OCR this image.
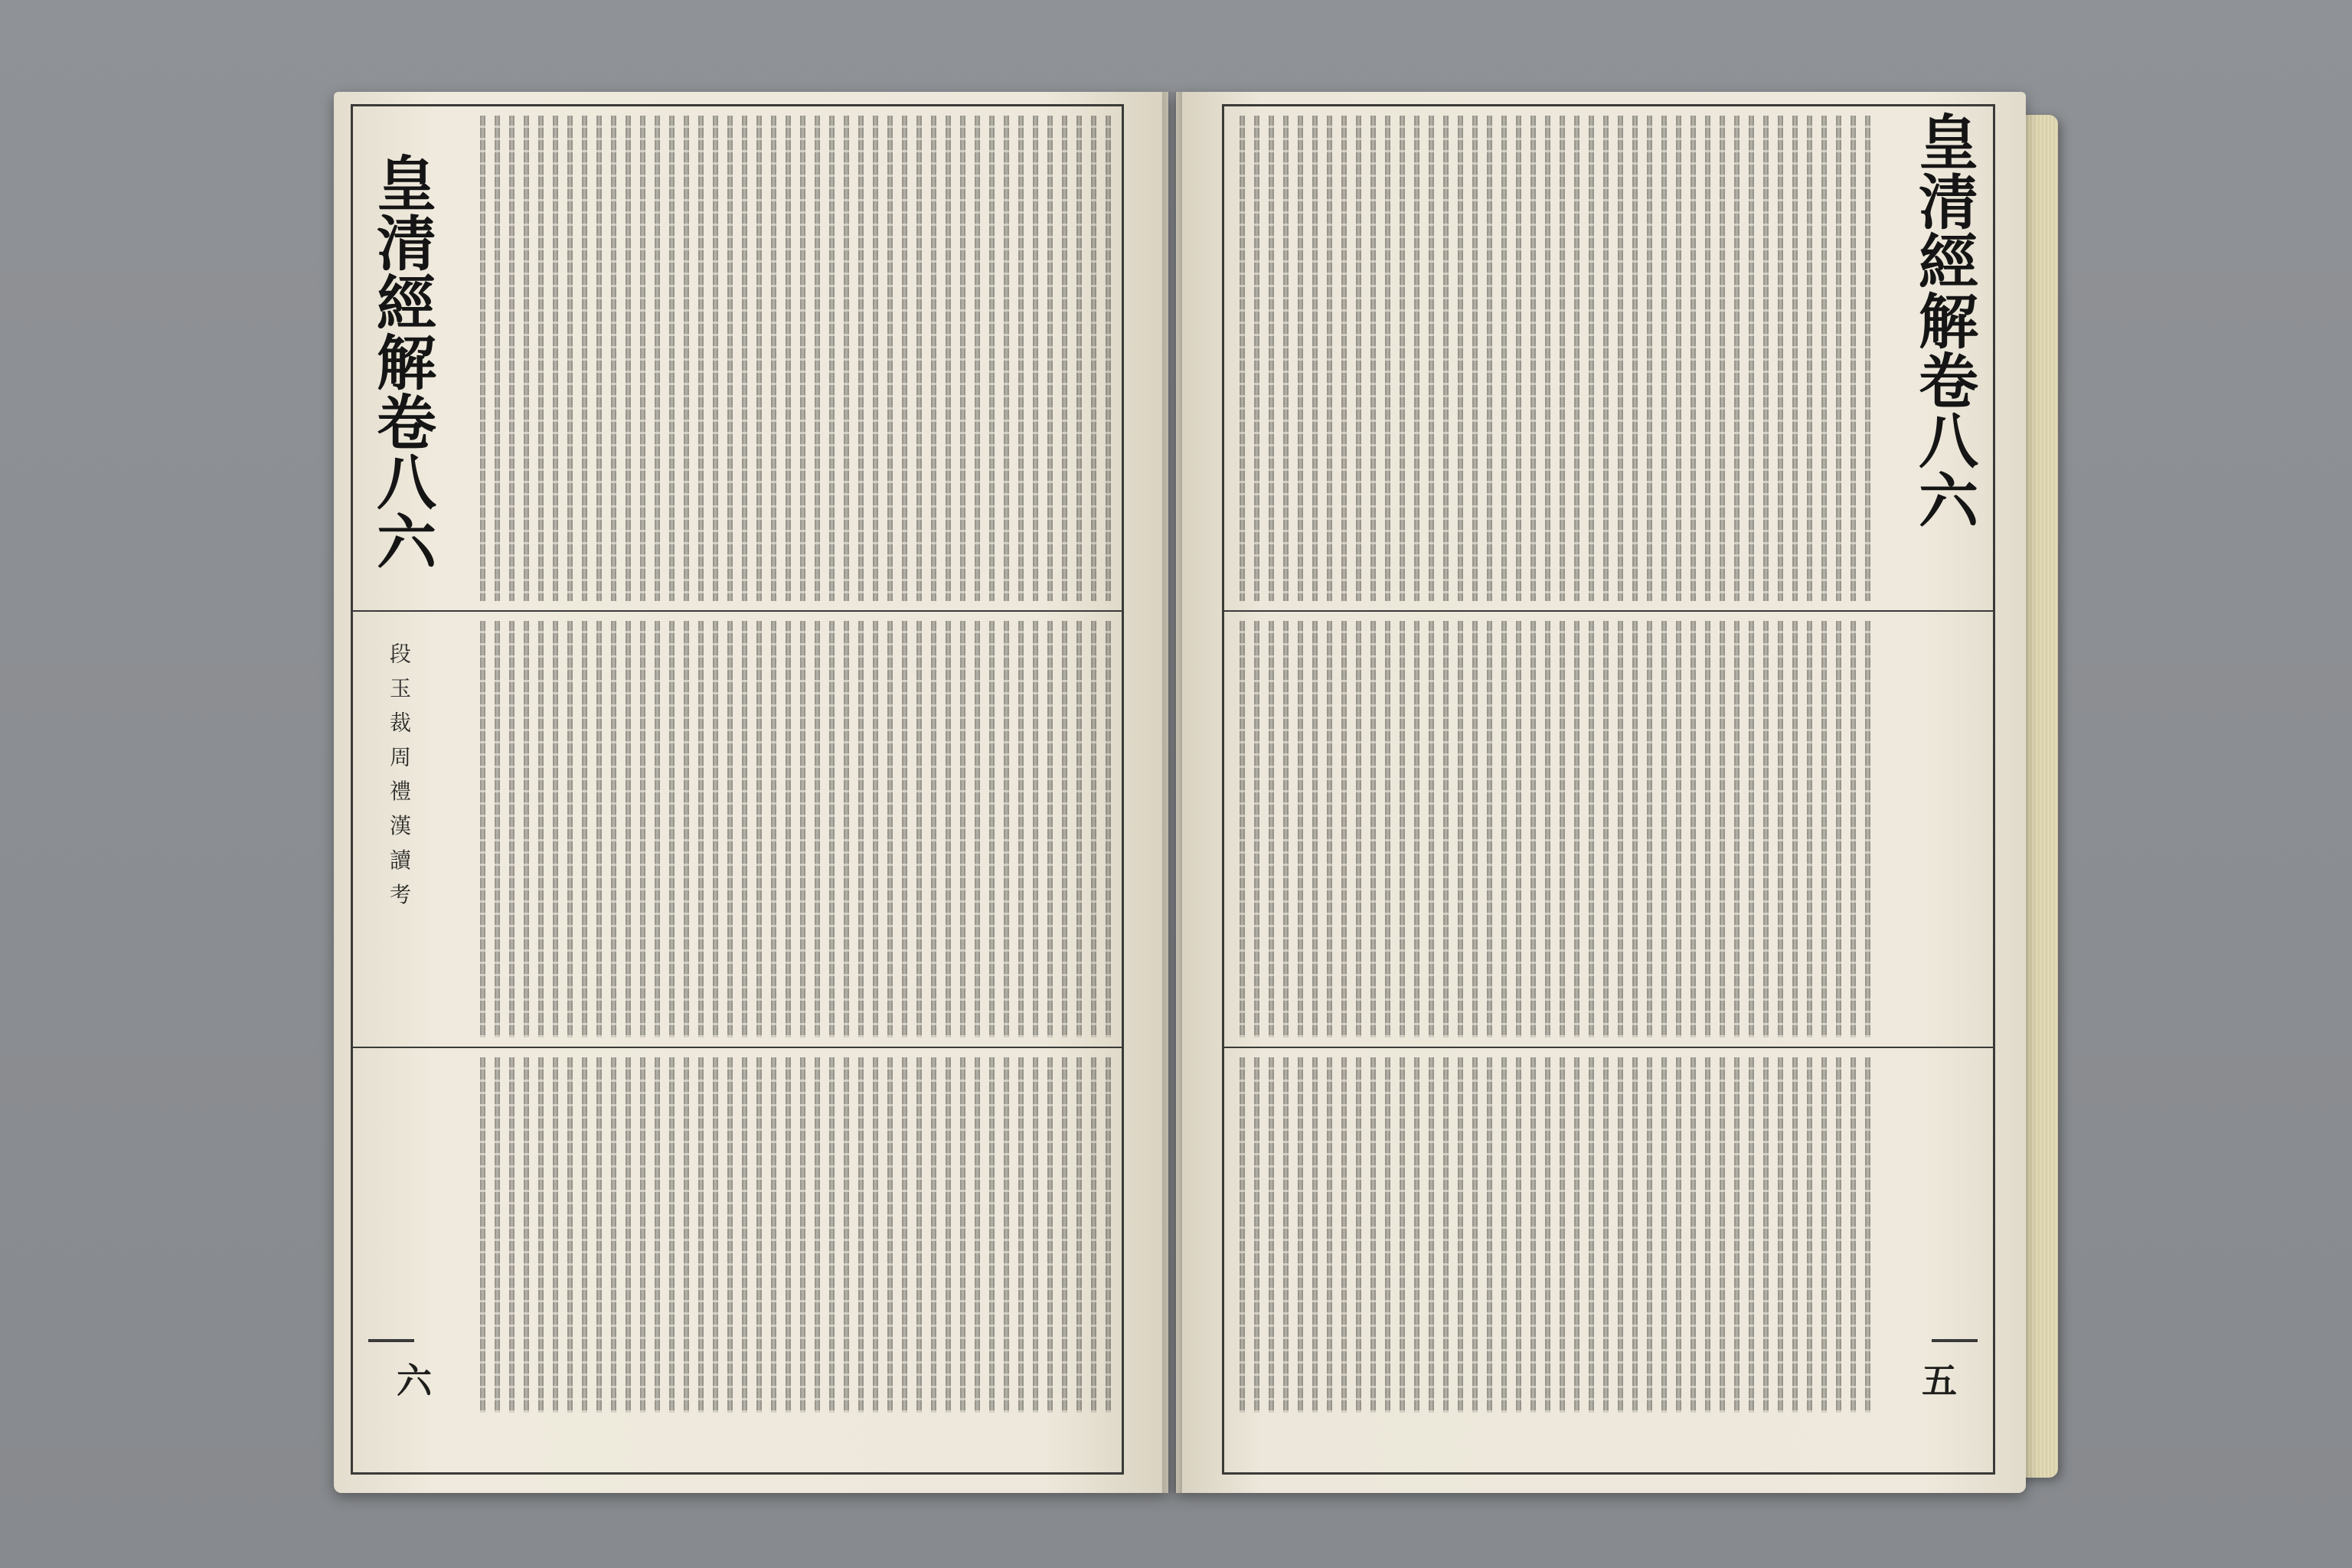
皇
清
經
解
卷
八
六
段 玉 裁 周 禮 漢 讀 考
六
皇
清
經
解
卷
八
六
五
